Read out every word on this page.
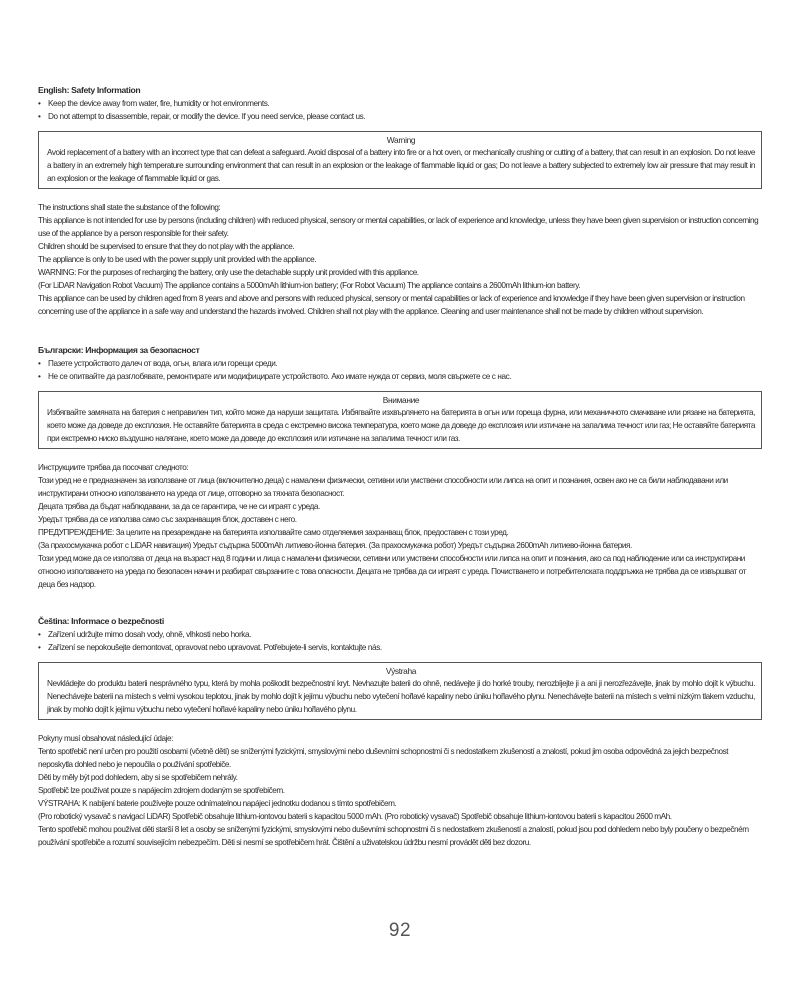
English: Safety Information
• Keep the device away from water, fire, humidity or hot environments.
• Do not attempt to disassemble, repair, or modify the device. If you need service, please contact us.
Warning
Avoid replacement of a battery with an incorrect type that can defeat a safeguard. Avoid disposal of a battery into fire or a hot oven, or mechanically crushing or cutting of a battery, that can result in an explosion. Do not leave a battery in an extremely high temperature surrounding environment that can result in an explosion or the leakage of flammable liquid or gas; Do not leave a battery subjected to extremely low air pressure that may result in an explosion or the leakage of flammable liquid or gas.

The instructions shall state the substance of the following:

This appliance is not intended for use by persons (including children) with reduced physical, sensory or mental capabilities, or lack of experience and knowledge, unless they have been given supervision or instruction concerning use of the appliance by a person responsible for their safety.

Children should be supervised to ensure that they do not play with the appliance.

The appliance is only to be used with the power supply unit provided with the appliance.

WARNING: For the purposes of recharging the battery, only use the detachable supply unit provided with this appliance.

(For LiDAR Navigation Robot Vacuum) The appliance contains a 5000mAh lithium-ion battery; (For Robot Vacuum) The appliance contains a 2600mAh lithium-ion battery.

This appliance can be used by children aged from 8 years and above and persons with reduced physical, sensory or mental capabilities or lack of experience and knowledge if they have been given supervision or instruction concerning use of the appliance in a safe way and understand the hazards involved. Children shall not play with the appliance. Cleaning and user maintenance shall not be made by children without supervision.

Български: Информация за безопасност
• Пазете устройството далеч от вода, огън, влага или горещи среди.
• Не се опитвайте да разглобявате, ремонтирате или модифицирате устройството. Ако имате нужда от сервиз, моля свържете се с нас.
Внимание
Избягвайте замяната на батерия с неправилен тип, който може да наруши защитата. Избягвайте изхвърлянето на батерията в огън или гореща фурна, или механичното смачкване или рязане на батерията, което може да доведе до експлозия. Не оставяйте батерията в среда с екстремно висока температура, което може да доведе до експлозия или изтичане на запалима течност или газ; Не оставяйте батерията при екстремно ниско въздушно налягане, което може да доведе до експлозия или изтичане на запалима течност или газ.

Инструкциите трябва да посочват следното:

Този уред не е предназначен за използване от лица (включително деца) с намалени физически, сетивни или умствени способности или липса на опит и познания, освен ако не са били наблюдавани или инструктирани относно използването на уреда от лице, отговорно за тяхната безопасност.

Децата трябва да бъдат наблюдавани, за да се гарантира, че не си играят с уреда.

Уредът трябва да се използва само със захранващия блок, доставен с него.

ПРЕДУПРЕЖДЕНИЕ: За целите на презареждане на батерията използвайте само отделяемия захранващ блок, предоставен с този уред.

(За прахосмукачка робот с LiDAR навигация) Уредът съдържа 5000mAh литиево-йонна батерия. (За прахосмукачка робот) Уредът съдържа 2600mAh литиево-йонна батерия.

Този уред може да се използва от деца на възраст над 8 години и лица с намалени физически, сетивни или умствени способности или липса на опит и познания, ако са под наблюдение или са инструктирани относно използването на уреда по безопасен начин и разбират свързаните с това опасности. Децата не трябва да си играят с уреда. Почистването и потребителската поддръжка не трябва да се извършват от деца без надзор.

Čeština: Informace o bezpečnosti
• Zařízení udržujte mimo dosah vody, ohně, vlhkosti nebo horka.
• Zařízení se nepokoušejte demontovat, opravovat nebo upravovat. Potřebujete-li servis, kontaktujte nás.
Výstraha
Nevkládejte do produktu baterii nesprávného typu, která by mohla poškodit bezpečnostní kryt. Nevhazujte baterii do ohně, nedávejte ji do horké trouby, nerozbíjejte ji a ani ji nerozřezávejte, jinak by mohlo dojít k výbuchu. Nenechávejte baterii na místech s velmi vysokou teplotou, jinak by mohlo dojít k jejímu výbuchu nebo vytečení hořlavé kapaliny nebo úniku hořlavého plynu. Nenechávejte baterii na místech s velmi nízkým tlakem vzduchu, jinak by mohlo dojít k jejímu výbuchu nebo vytečení hořlavé kapaliny nebo úniku hořlavého plynu.

Pokyny musí obsahovat následující údaje:

Tento spotřebič není určen pro použití osobami (včetně dětí) se sníženými fyzickými, smyslovými nebo duševními schopnostmi či s nedostatkem zkušeností a znalostí, pokud jim osoba odpovědná za jejich bezpečnost neposkytla dohled nebo je nepoučila o používání spotřebiče.

Děti by měly být pod dohledem, aby si se spotřebičem nehrály.

Spotřebič lze používat pouze s napájecím zdrojem dodaným se spotřebičem.

VÝSTRAHA: K nabíjení baterie používejte pouze odnímatelnou napájecí jednotku dodanou s tímto spotřebičem.

(Pro robotický vysavač s navigací LiDAR) Spotřebič obsahuje lithium-iontovou baterii s kapacitou 5000 mAh. (Pro robotický vysavač) Spotřebič obsahuje lithium-iontovou baterii s kapacitou 2600 mAh.

Tento spotřebič mohou používat děti starší 8 let a osoby se sníženými fyzickými, smyslovými nebo duševními schopnostmi či s nedostatkem zkušeností a znalostí, pokud jsou pod dohledem nebo byly poučeny o bezpečném používání spotřebiče a rozumí souvisejícím nebezpečím. Děti si nesmí se spotřebičem hrát. Čištění a uživatelskou údržbu nesmí provádět děti bez dozoru.

92
